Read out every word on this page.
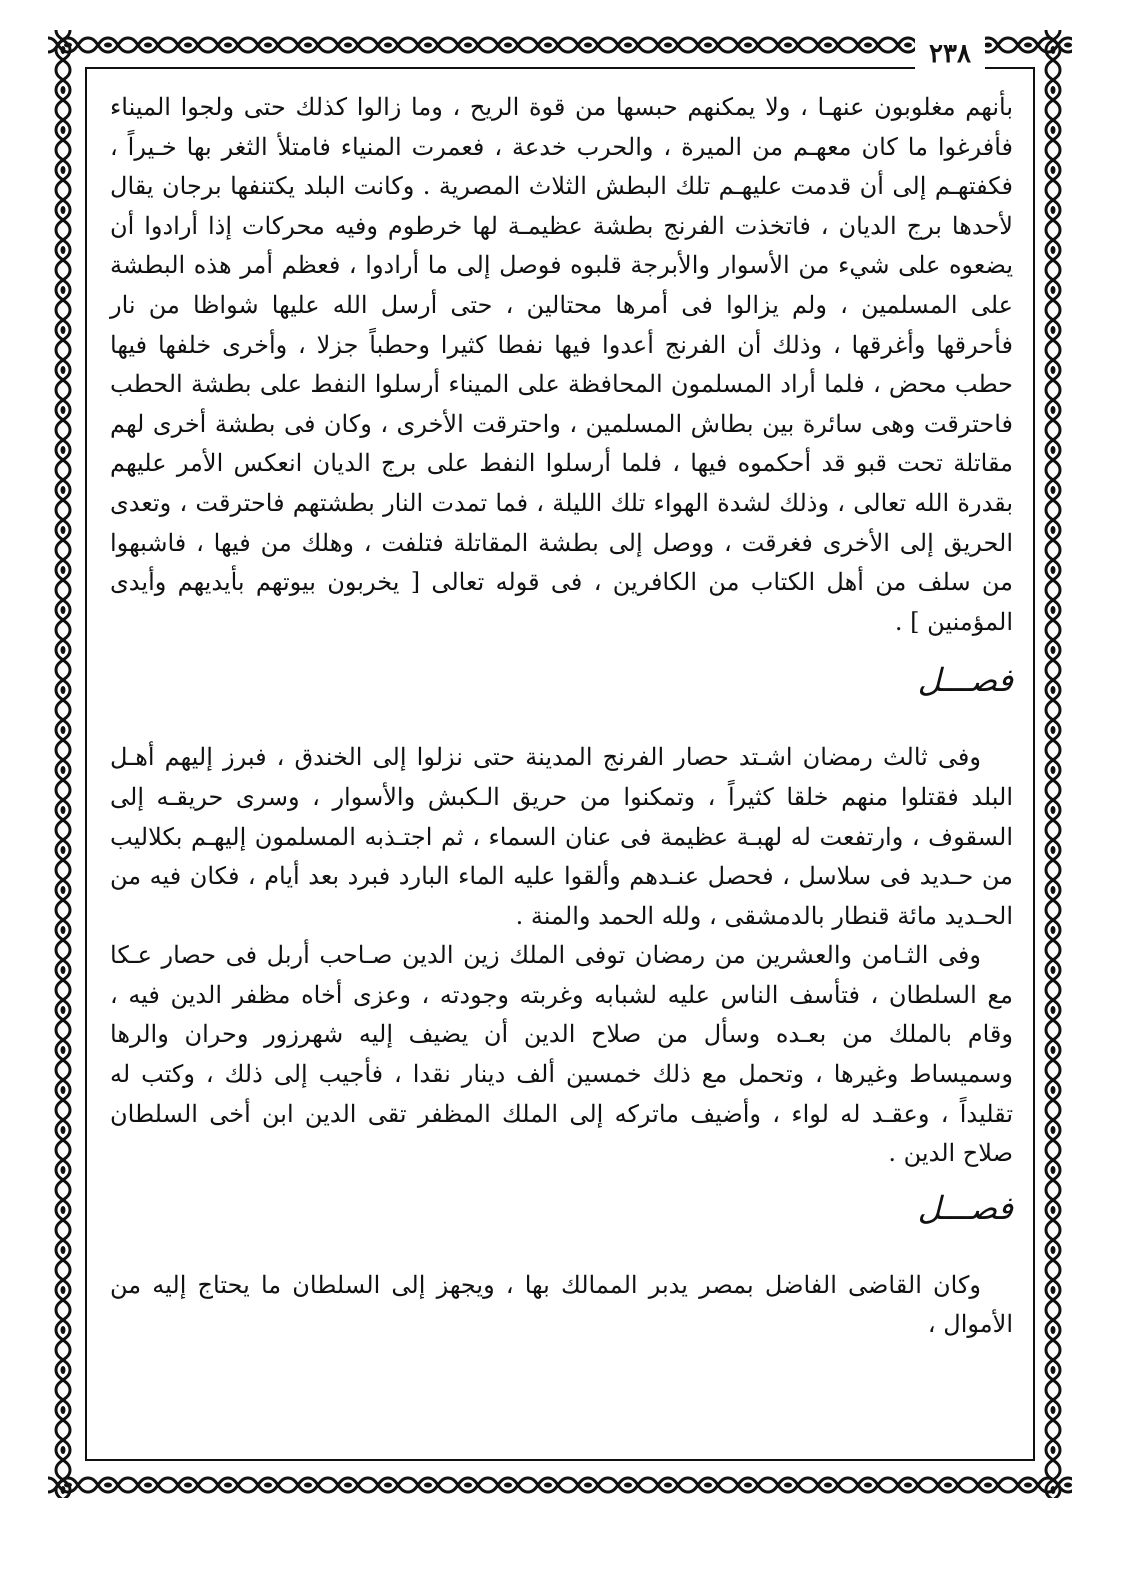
٢٣٨

بأنهم مغلوبون عنهـا ، ولا يمكنهم حبسها من قوة الريح ، وما زالوا كذلك حتى ولجوا الميناء فأفرغوا ما كان معهـم من الميرة ، والحرب خدعة ، فعمرت المنياء فامتلأ الثغر بها خـيراً ، فكفتهـم إلى أن قدمت عليهـم تلك البطش الثلاث المصرية . وكانت البلد يكتنفها برجان يقال لأحدها برج الديان ، فاتخذت الفرنج بطشة عظيمـة لها خرطوم وفيه محركات إذا أرادوا أن يضعوه على شيء من الأسوار والأبرجة قلبوه فوصل إلى ما أرادوا ، فعظم أمر هذه البطشة على المسلمين ، ولم يزالوا فى أمرها محتالين ، حتى أرسل الله عليها شواظا من نار فأحرقها وأغرقها ، وذلك أن الفرنج أعدوا فيها نفطا كثيرا وحطباً جزلا ، وأخرى خلفها فيها حطب محض ، فلما أراد المسلمون المحافظة على الميناء أرسلوا النفط على بطشة الحطب فاحترقت وهى سائرة بين بطاش المسلمين ، واحترقت الأخرى ، وكان فى بطشة أخرى لهم مقاتلة تحت قبو قد أحكموه فيها ، فلما أرسلوا النفط على برج الديان انعكس الأمر عليهم بقدرة الله تعالى ، وذلك لشدة الهواء تلك الليلة ، فما تمدت النار بطشتهم فاحترقت ، وتعدى الحريق إلى الأخرى فغرقت ، ووصل إلى بطشة المقاتلة فتلفت ، وهلك من فيها ، فاشبهوا من سلف من أهل الكتاب من الكافرين ، فى قوله تعالى [ يخربون بيوتهم بأيديهم وأيدى المؤمنين ] .

فصـــل

وفى ثالث رمضان اشـتد حصار الفرنج المدينة حتى نزلوا إلى الخندق ، فبرز إليهم أهـل البلد فقتلوا منهم خلقا كثيراً ، وتمكنوا من حريق الـكبش والأسوار ، وسرى حريقـه إلى السقوف ، وارتفعت له لهبـة عظيمة فى عنان السماء ، ثم اجتـذبه المسلمون إليهـم بكلاليب من حـديد فى سلاسل ، فحصل عنـدهم وألقوا عليه الماء البارد فبرد بعد أيام ، فكان فيه من الحـديد مائة قنطار بالدمشقى ، ولله الحمد والمنة .

وفى الثـامن والعشرين من رمضان توفى الملك زين الدين صـاحب أربل فى حصار عـكا مع السلطان ، فتأسف الناس عليه لشبابه وغربته وجودته ، وعزى أخاه مظفر الدين فيه ، وقام بالملك من بعـده وسأل من صلاح الدين أن يضيف إليه شهرزور وحران والرها وسميساط وغيرها ، وتحمل مع ذلك خمسين ألف دينار نقدا ، فأجيب إلى ذلك ، وكتب له تقليداً ، وعقـد له لواء ، وأضيف ماتركه إلى الملك المظفر تقى الدين ابن أخى السلطان صلاح الدين .

فصـــل

وكان القاضى الفاضل بمصر يدبر الممالك بها ، ويجهز إلى السلطان ما يحتاج إليه من الأموال ،
